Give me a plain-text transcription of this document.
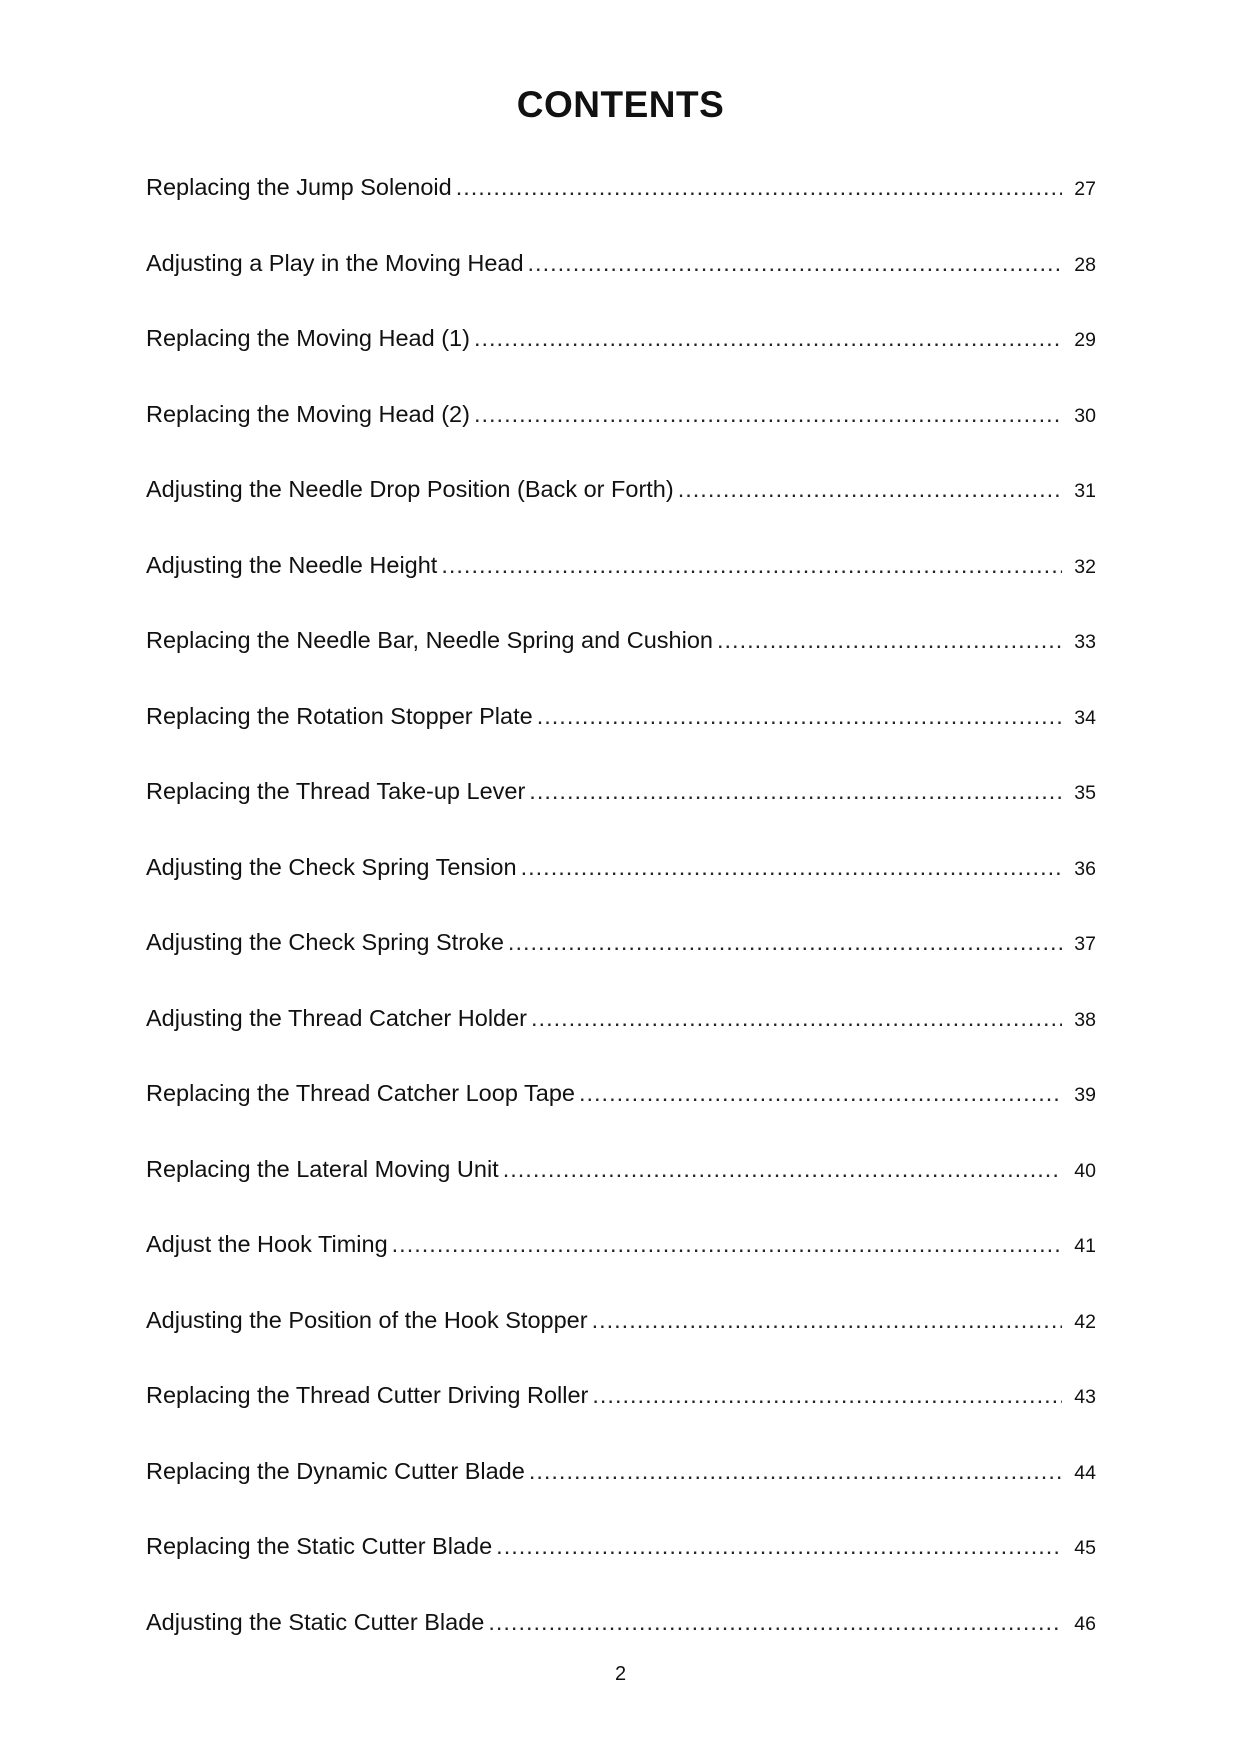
CONTENTS
Replacing the Jump Solenoid .....	27
Adjusting a Play in the Moving Head .....	28
Replacing the Moving Head (1) .....	29
Replacing the Moving Head (2) .....	30
Adjusting the Needle Drop Position (Back or Forth) .....	31
Adjusting the Needle Height .....	32
Replacing the Needle Bar, Needle Spring and Cushion .....	33
Replacing the Rotation Stopper Plate .....	34
Replacing the Thread Take-up Lever .....	35
Adjusting the Check Spring Tension .....	36
Adjusting the Check Spring Stroke .....	37
Adjusting the Thread Catcher Holder .....	38
Replacing the Thread Catcher Loop Tape .....	39
Replacing the Lateral Moving Unit .....	40
Adjust the Hook Timing .....	41
Adjusting the Position of the Hook Stopper .....	42
Replacing the Thread Cutter Driving Roller .....	43
Replacing the Dynamic Cutter Blade .....	44
Replacing the Static Cutter Blade .....	45
Adjusting the Static Cutter Blade .....	46
2
